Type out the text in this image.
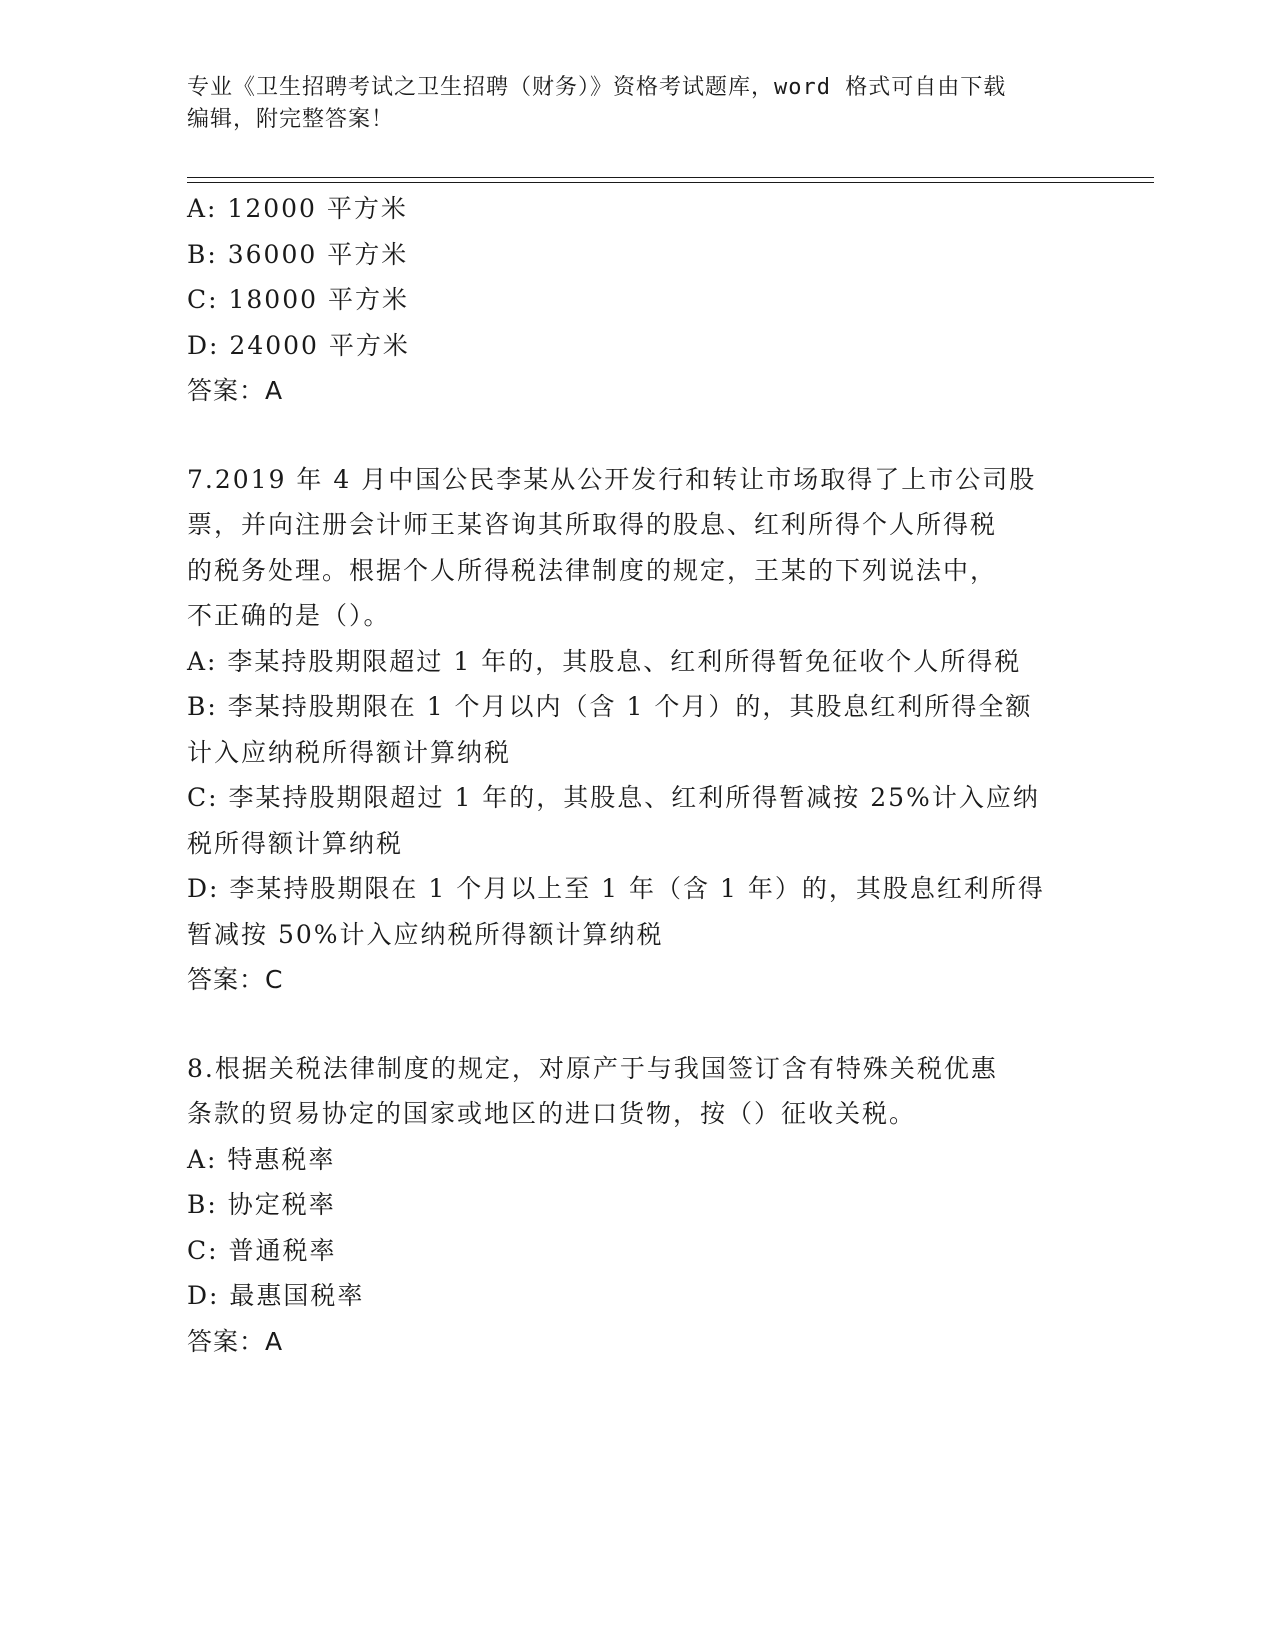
专业《卫生招聘考试之卫生招聘（财务）》资格考试题库，word 格式可自由下载
编辑，附完整答案！
A: 12000 平方米
B: 36000 平方米
C: 18000 平方米
D: 24000 平方米
答案：A
7.2019 年 4 月中国公民李某从公开发行和转让市场取得了上市公司股
票，并向注册会计师王某咨询其所取得的股息、红利所得个人所得税
的税务处理。根据个人所得税法律制度的规定，王某的下列说法中，
不正确的是（）。
A: 李某持股期限超过 1 年的，其股息、红利所得暂免征收个人所得税
B: 李某持股期限在 1 个月以内（含 1 个月）的，其股息红利所得全额
计入应纳税所得额计算纳税
C: 李某持股期限超过 1 年的，其股息、红利所得暂减按 25%计入应纳
税所得额计算纳税
D: 李某持股期限在 1 个月以上至 1 年（含 1 年）的，其股息红利所得
暂减按 50%计入应纳税所得额计算纳税
答案：C
8.根据关税法律制度的规定，对原产于与我国签订含有特殊关税优惠
条款的贸易协定的国家或地区的进口货物，按（）征收关税。
A: 特惠税率
B: 协定税率
C: 普通税率
D: 最惠国税率
答案：A
